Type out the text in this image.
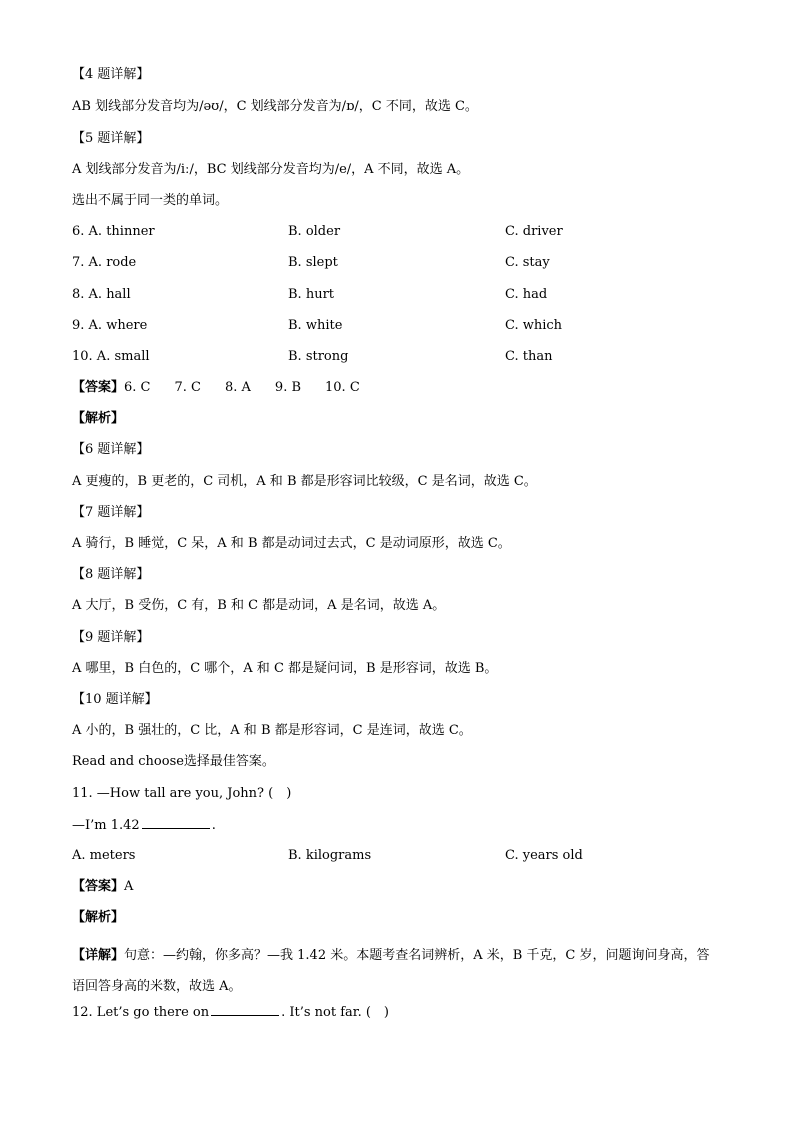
【4 题详解】
AB 划线部分发音均为/əʊ/，C 划线部分发音为/ɒ/，C 不同，故选 C。
【5 题详解】
A 划线部分发音为/iː/，BC 划线部分发音均为/e/，A 不同，故选 A。
选出不属于同一类的单词。
6. A. thinner	B. older	C. driver
7. A. rode	B. slept	C. stay
8. A. hall	B. hurt	C. had
9. A. where	B. white	C. which
10. A. small	B. strong	C. than
【答案】6. C 7. C 8. A 9. B 10. C
【解析】
【6 题详解】
A 更瘦的，B 更老的，C 司机，A 和 B 都是形容词比较级，C 是名词，故选 C。
【7 题详解】
A 骑行，B 睡觉，C 呆，A 和 B 都是动词过去式，C 是动词原形，故选 C。
【8 题详解】
A 大厅，B 受伤，C 有，B 和 C 都是动词，A 是名词，故选 A。
【9 题详解】
A 哪里，B 白色的，C 哪个，A 和 C 都是疑问词，B 是形容词，故选 B。
【10 题详解】
A 小的，B 强壮的，C 比，A 和 B 都是形容词，C 是连词，故选 C。
Read and choose选择最佳答案。
11. —How tall are you, John? (　)
—I’m 1.42	.
A. meters	B. kilograms	C. years old
【答案】A
【解析】
【详解】句意：—约翰，你多高？—我 1.42 米。本题考查名词辨析，A 米，B 千克，C 岁，问题询问身高，答语回答身高的米数，故选 A。
12. Let’s go there on	. It’s not far. (　)
